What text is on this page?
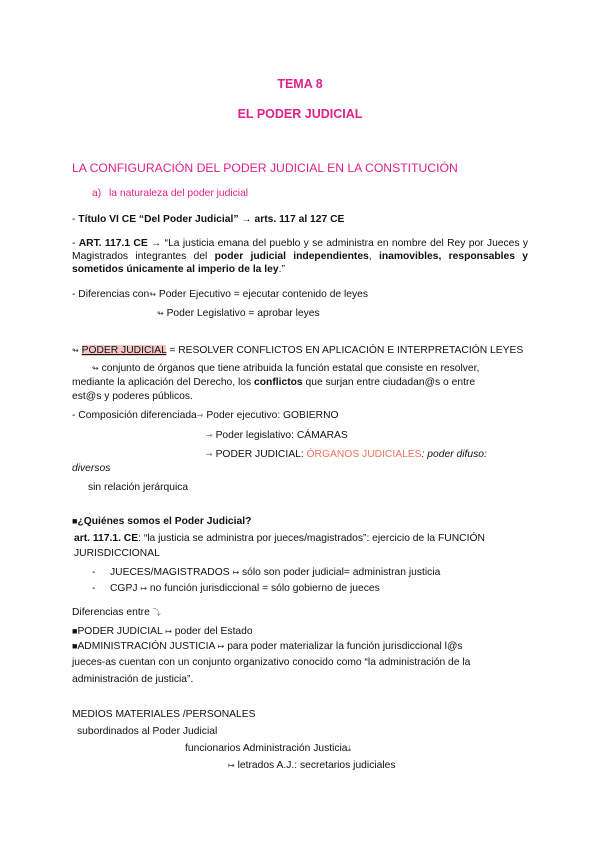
TEMA 8
EL PODER JUDICIAL
LA CONFIGURACIÓN DEL PODER JUDICIAL EN LA CONSTITUCIÓN
a) la naturaleza del poder judicial
- Título VI CE “Del Poder Judicial” → arts. 117 al 127 CE
- ART. 117.1 CE → “La justicia emana del pueblo y se administra en nombre del Rey por Jueces y Magistrados integrantes del poder judicial independientes, inamovibles, responsables y sometidos únicamente al imperio de la ley.”
- Diferencias con↬ Poder Ejecutivo = ejecutar contenido de leyes
↬ Poder Legislativo = aprobar leyes
↬ PODER JUDICIAL = RESOLVER CONFLICTOS EN APLICACIÓN E INTERPRETACIÓN LEYES
↬ conjunto de órganos que tiene atribuida la función estatal que consiste en resolver,
mediante la aplicación del Derecho, los conflictos que surjan entre ciudadan@s o entre
est@s y poderes públicos.
- Composición diferenciada⇾ Poder ejecutivo: GOBIERNO
⇾ Poder legislativo: CÁMARAS
⇾ PODER JUDICIAL: ÓRGANOS JUDICIALES: poder difuso:
diversos
sin relación jerárquica
■¿Quiénes somos el Poder Judicial?
art. 117.1. CE: “la justicia se administra por jueces/magistrados”: ejercicio de la FUNCIÓN
JURISDICCIONAL
- JUECES/MAGISTRADOS ↦ sólo son poder judicial= administran justicia
- CGPJ ↦ no función jurisdiccional = sólo gobierno de jueces
Diferencias entre ⤵
■PODER JUDICIAL ↦ poder del Estado
■ADMINISTRACIÓN JUSTICIA ↦ para poder materializar la función jurisdiccional l@s
jueces-as cuentan con un conjunto organizativo conocido como “la administración de la
administración de justicia”.
MEDIOS MATERIALES /PERSONALES
subordinados al Poder Judicial
funcionarios Administración Justicia⤓
↦ letrados A.J.: secretarios judiciales
